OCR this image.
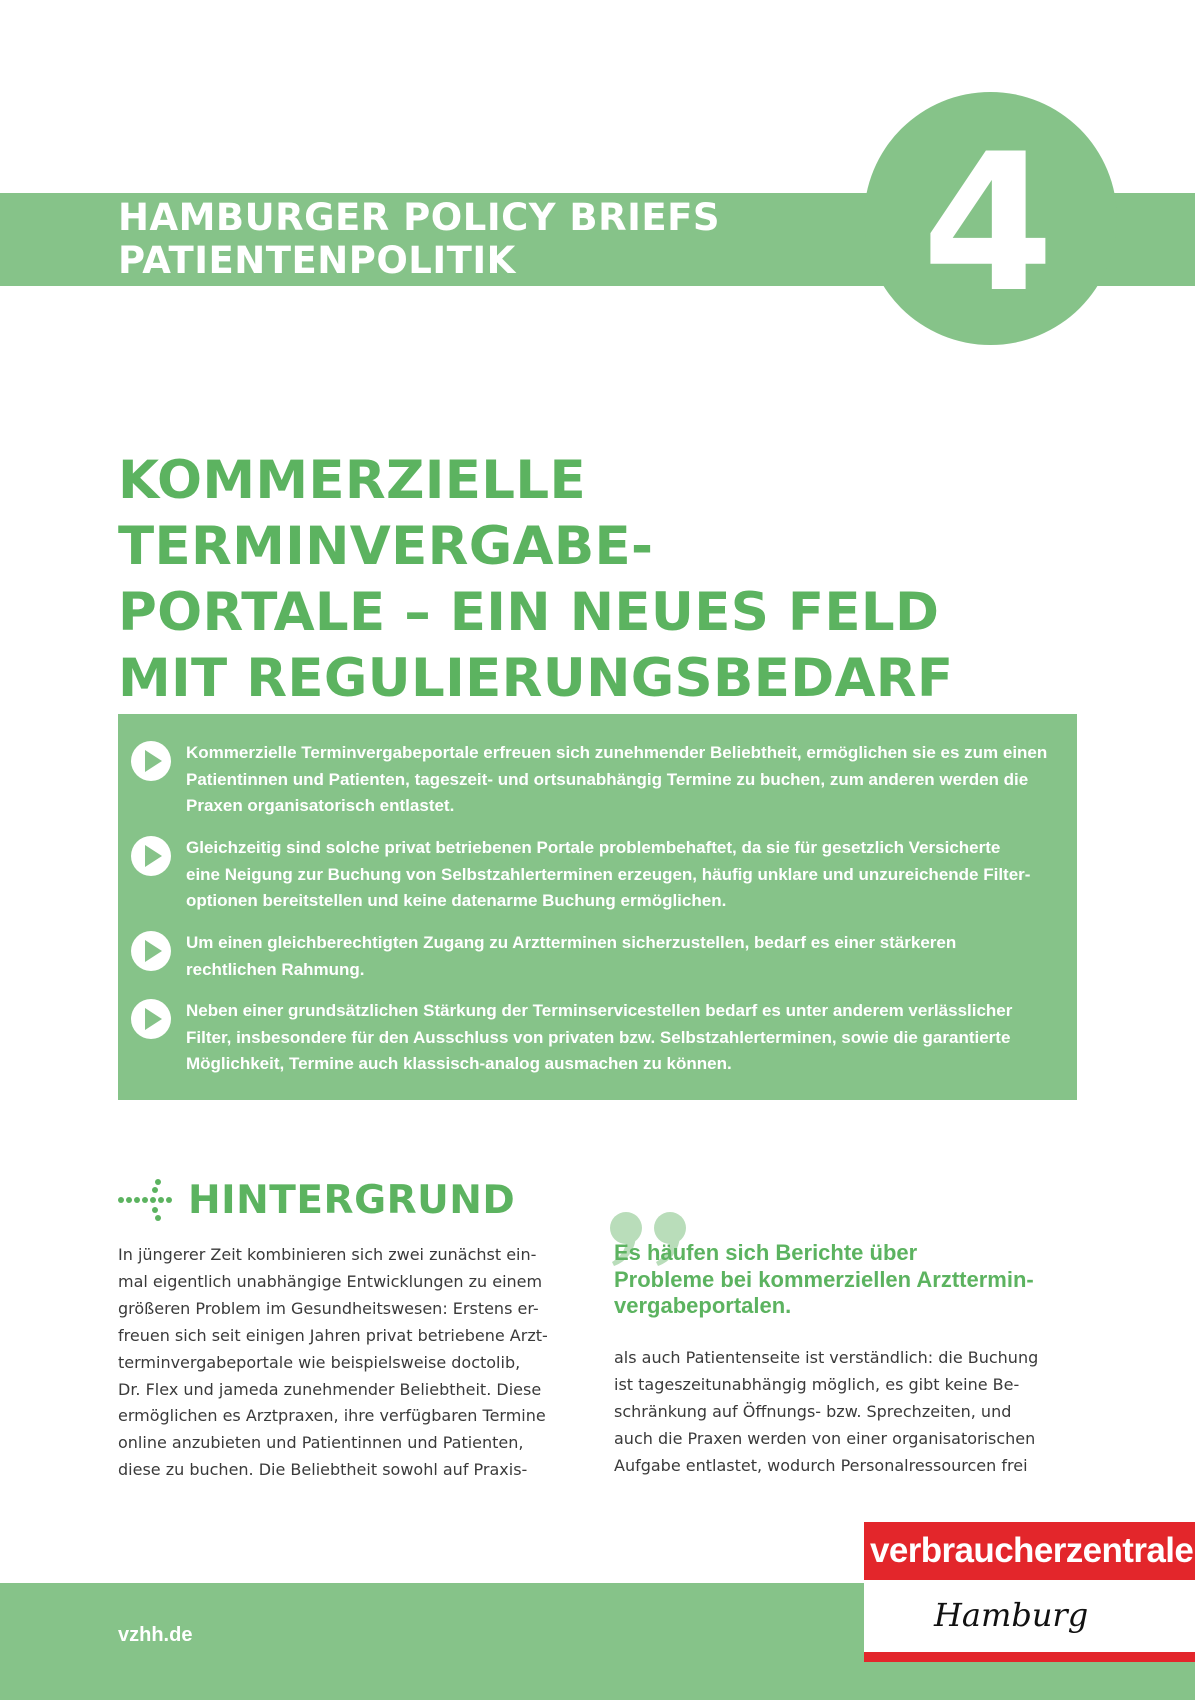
HAMBURGER POLICY BRIEFS
PATIENTENPOLITIK	4
KOMMERZIELLE TERMINVERGABE-
PORTALE – EIN NEUES FELD
MIT REGULIERUNGSBEDARF
Kommerzielle Terminvergabeportale erfreuen sich zunehmender Beliebtheit, ermöglichen sie es zum einen
Patientinnen und Patienten, tageszeit- und ortsunabhängig Termine zu buchen, zum anderen werden die
Praxen organisatorisch entlastet.
Gleichzeitig sind solche privat betriebenen Portale problembehaftet, da sie für gesetzlich Versicherte
eine Neigung zur Buchung von Selbstzahlerterminen erzeugen, häufig unklare und unzureichende Filter-
optionen bereitstellen und keine datenarme Buchung ermöglichen.
Um einen gleichberechtigten Zugang zu Arztterminen sicherzustellen, bedarf es einer stärkeren
rechtlichen Rahmung.
Neben einer grundsätzlichen Stärkung der Terminservicestellen bedarf es unter anderem verlässlicher
Filter, insbesondere für den Ausschluss von privaten bzw. Selbstzahlerterminen, sowie die garantierte
Möglichkeit, Termine auch klassisch-analog ausmachen zu können.
HINTERGRUND
In jüngerer Zeit kombinieren sich zwei zunächst ein-
mal eigentlich unabhängige Entwicklungen zu einem
größeren Problem im Gesundheitswesen: Erstens er-
freuen sich seit einigen Jahren privat betriebene Arzt-
terminvergabeportale wie beispielsweise doctolib,
Dr. Flex und jameda zunehmender Beliebtheit. Diese
ermöglichen es Arztpraxen, ihre verfügbaren Termine
online anzubieten und Patientinnen und Patienten,
diese zu buchen. Die Beliebtheit sowohl auf Praxis-
Es häufen sich Berichte über
Probleme bei kommerziellen Arzttermin-
vergabeportalen.
als auch Patientenseite ist verständlich: die Buchung
ist tageszeitunabhängig möglich, es gibt keine Be-
schränkung auf Öffnungs- bzw. Sprechzeiten, und
auch die Praxen werden von einer organisatorischen
Aufgabe entlastet, wodurch Personalressourcen frei
vzhh.de
verbraucherzentrale
Hamburg
